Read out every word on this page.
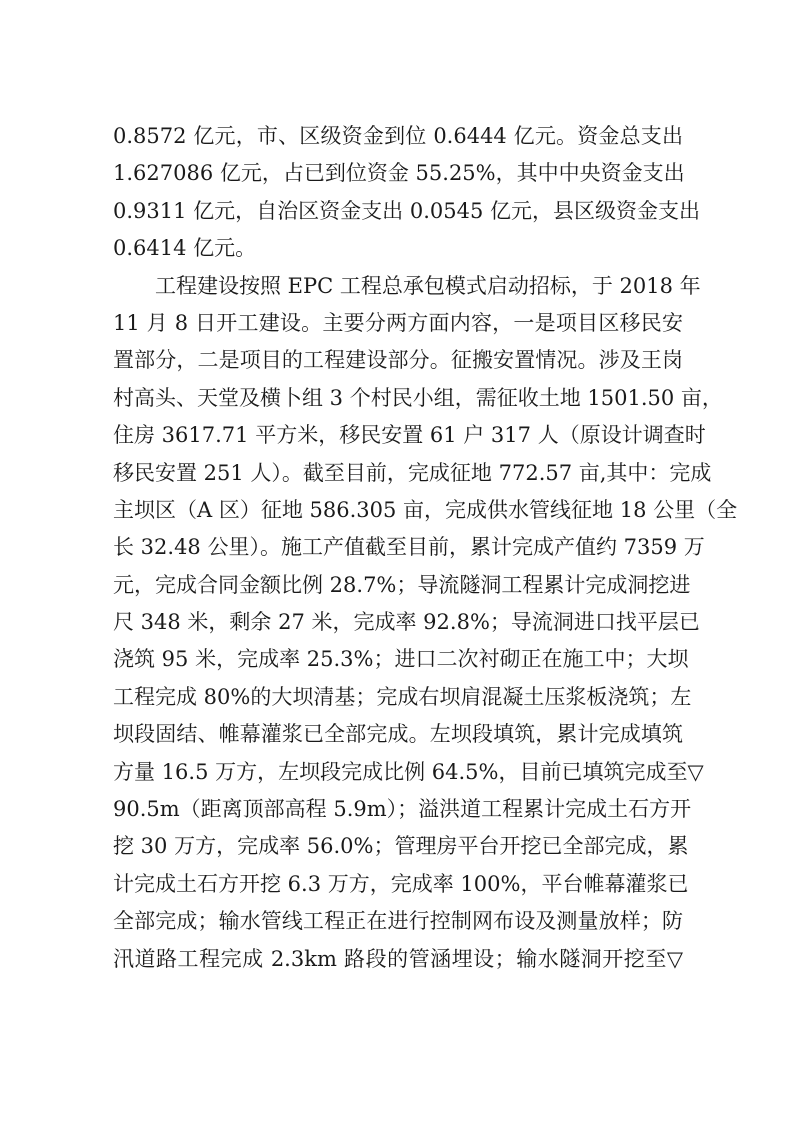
0.8572 亿元，市、区级资金到位 0.6444 亿元。资金总支出
1.627086 亿元，占已到位资金 55.25%，其中中央资金支出
0.9311 亿元，自治区资金支出 0.0545 亿元，县区级资金支出
0.6414 亿元。
工程建设按照 EPC 工程总承包模式启动招标，于 2018 年
11 月 8 日开工建设。主要分两方面内容，一是项目区移民安
置部分，二是项目的工程建设部分。征搬安置情况。涉及王岗
村高头、天堂及横卜组 3 个村民小组，需征收土地 1501.50 亩，
住房 3617.71 平方米，移民安置 61 户 317 人（原设计调查时
移民安置 251 人）。截至目前，完成征地 772.57 亩,其中：完成
主坝区（A 区）征地 586.305 亩，完成供水管线征地 18 公里（全
长 32.48 公里）。施工产值截至目前，累计完成产值约 7359 万
元，完成合同金额比例 28.7%；导流隧洞工程累计完成洞挖进
尺 348 米，剩余 27 米，完成率 92.8%；导流洞进口找平层已
浇筑 95 米，完成率 25.3%；进口二次衬砌正在施工中；大坝
工程完成 80%的大坝清基；完成右坝肩混凝土压浆板浇筑；左
坝段固结、帷幕灌浆已全部完成。左坝段填筑，累计完成填筑
方量 16.5 万方，左坝段完成比例 64.5%，目前已填筑完成至▽
90.5m（距离顶部高程 5.9m）；溢洪道工程累计完成土石方开
挖 30 万方，完成率 56.0%；管理房平台开挖已全部完成，累
计完成土石方开挖 6.3 万方，完成率 100%，平台帷幕灌浆已
全部完成；输水管线工程正在进行控制网布设及测量放样；防
汛道路工程完成 2.3km 路段的管涵埋设；输水隧洞开挖至▽
